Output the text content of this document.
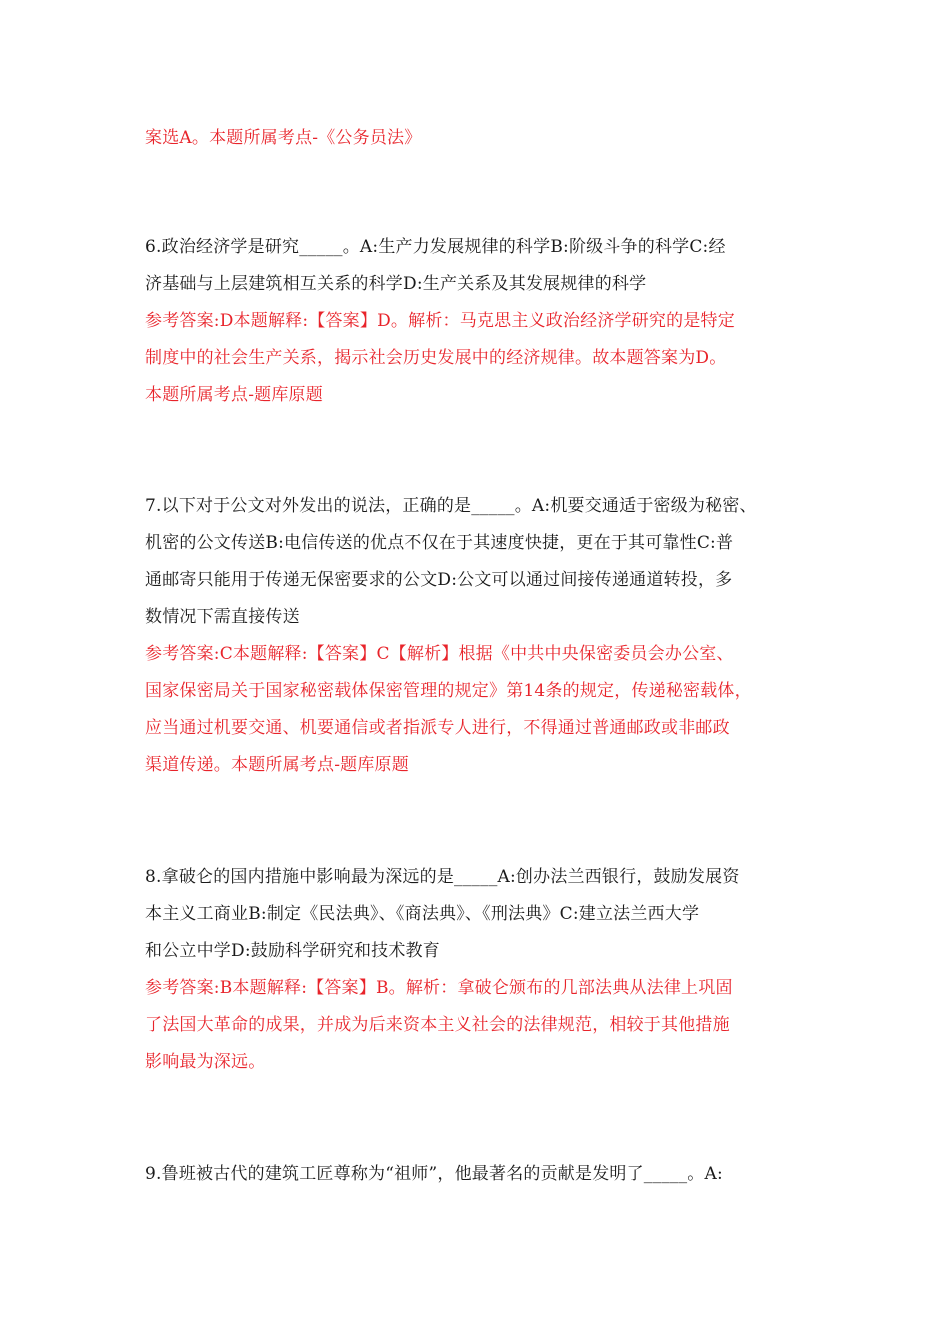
案选A。本题所属考点-《公务员法》
6.政治经济学是研究_____。A:生产力发展规律的科学B:阶级斗争的科学C:经
济基础与上层建筑相互关系的科学D:生产关系及其发展规律的科学
参考答案:D本题解释:【答案】D。解析：马克思主义政治经济学研究的是特定
制度中的社会生产关系，揭示社会历史发展中的经济规律。故本题答案为D。
本题所属考点-题库原题
7.以下对于公文对外发出的说法，正确的是_____。A:机要交通适于密级为秘密、
机密的公文传送B:电信传送的优点不仅在于其速度快捷，更在于其可靠性C:普
通邮寄只能用于传递无保密要求的公文D:公文可以通过间接传递通道转投，多
数情况下需直接传送
参考答案:C本题解释:【答案】C【解析】根据《中共中央保密委员会办公室、
国家保密局关于国家秘密载体保密管理的规定》第14条的规定，传递秘密载体，
应当通过机要交通、机要通信或者指派专人进行，不得通过普通邮政或非邮政
渠道传递。本题所属考点-题库原题
8.拿破仑的国内措施中影响最为深远的是_____A:创办法兰西银行，鼓励发展资
本主义工商业B:制定《民法典》、《商法典》、《刑法典》C:建立法兰西大学
和公立中学D:鼓励科学研究和技术教育
参考答案:B本题解释:【答案】B。解析：拿破仑颁布的几部法典从法律上巩固
了法国大革命的成果，并成为后来资本主义社会的法律规范，相较于其他措施
影响最为深远。
9.鲁班被古代的建筑工匠尊称为“祖师”，他最著名的贡献是发明了_____。A:
